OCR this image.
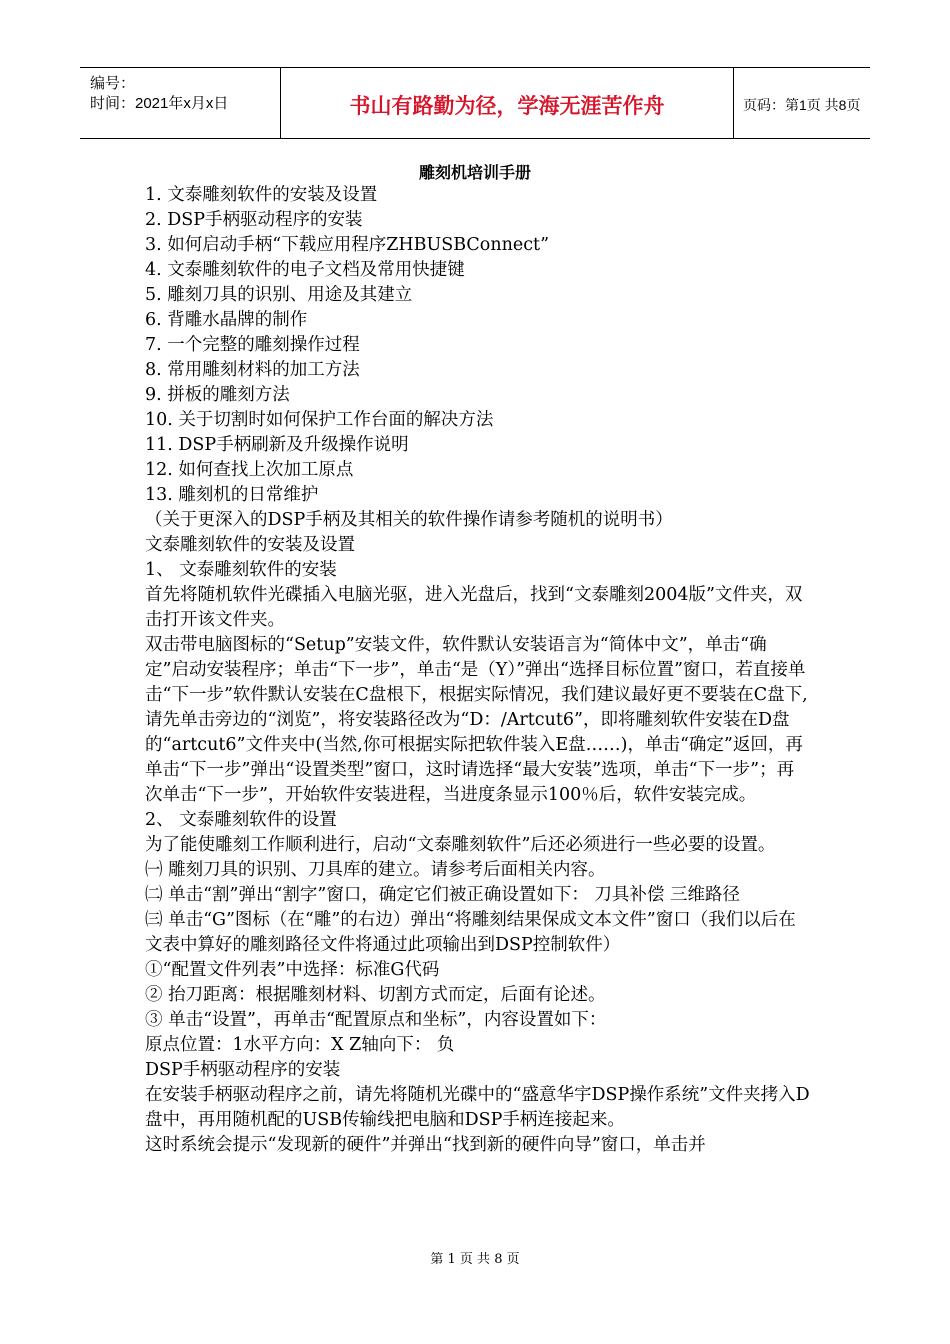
编号：
时间：2021年x月x日	书山有路勤为径，学海无涯苦作舟	页码：第1页 共8页
雕刻机培训手册

1. 文泰雕刻软件的安装及设置

2. DSP手柄驱动程序的安装

3. 如何启动手柄“下载应用程序ZHBUSBConnect”

4. 文泰雕刻软件的电子文档及常用快捷键

5. 雕刻刀具的识别、用途及其建立

6. 背雕水晶牌的制作

7. 一个完整的雕刻操作过程

8. 常用雕刻材料的加工方法

9. 拼板的雕刻方法

10. 关于切割时如何保护工作台面的解决方法

11. DSP手柄刷新及升级操作说明

12. 如何查找上次加工原点

13. 雕刻机的日常维护

（关于更深入的DSP手柄及其相关的软件操作请参考随机的说明书）

文泰雕刻软件的安装及设置

1、 文泰雕刻软件的安装

首先将随机软件光碟插入电脑光驱，进入光盘后，找到“文泰雕刻2004版”文件夹，双击打开该文件夹。

双击带电脑图标的“Setup”安装文件，软件默认安装语言为“简体中文”，单击“确定”启动安装程序；单击“下一步”，单击“是（Y）”弹出“选择目标位置”窗口，若直接单击“下一步”软件默认安装在C盘根下，根据实际情况，我们建议最好更不要装在C盘下,请先单击旁边的“浏览”，将安装路径改为“D：/Artcut6”，即将雕刻软件安装在D盘的“artcut6”文件夹中(当然,你可根据实际把软件装入E盘……)，单击“确定”返回，再单击“下一步”弹出“设置类型”窗口，这时请选择“最大安装”选项，单击“下一步”；再次单击“下一步”，开始软件安装进程，当进度条显示100％后，软件安装完成。

2、 文泰雕刻软件的设置

为了能使雕刻工作顺利进行，启动“文泰雕刻软件”后还必须进行一些必要的设置。

㈠ 雕刻刀具的识别、刀具库的建立。请参考后面相关内容。

㈡ 单击“割”弹出“割字”窗口，确定它们被正确设置如下： 刀具补偿 三维路径

㈢ 单击“G”图标（在“雕”的右边）弹出“将雕刻结果保成文本文件”窗口（我们以后在文表中算好的雕刻路径文件将通过此项输出到DSP控制软件）

①“配置文件列表”中选择：标准G代码

② 抬刀距离：根据雕刻材料、切割方式而定，后面有论述。

③ 单击“设置”，再单击“配置原点和坐标”，内容设置如下：

原点位置：1水平方向：X Z轴向下： 负

DSP手柄驱动程序的安装

在安装手柄驱动程序之前，请先将随机光碟中的“盛意华宇DSP操作系统”文件夹拷入D盘中，再用随机配的USB传输线把电脑和DSP手柄连接起来。

这时系统会提示“发现新的硬件”并弹出“找到新的硬件向导”窗口，单击并

第 1 页 共 8 页
